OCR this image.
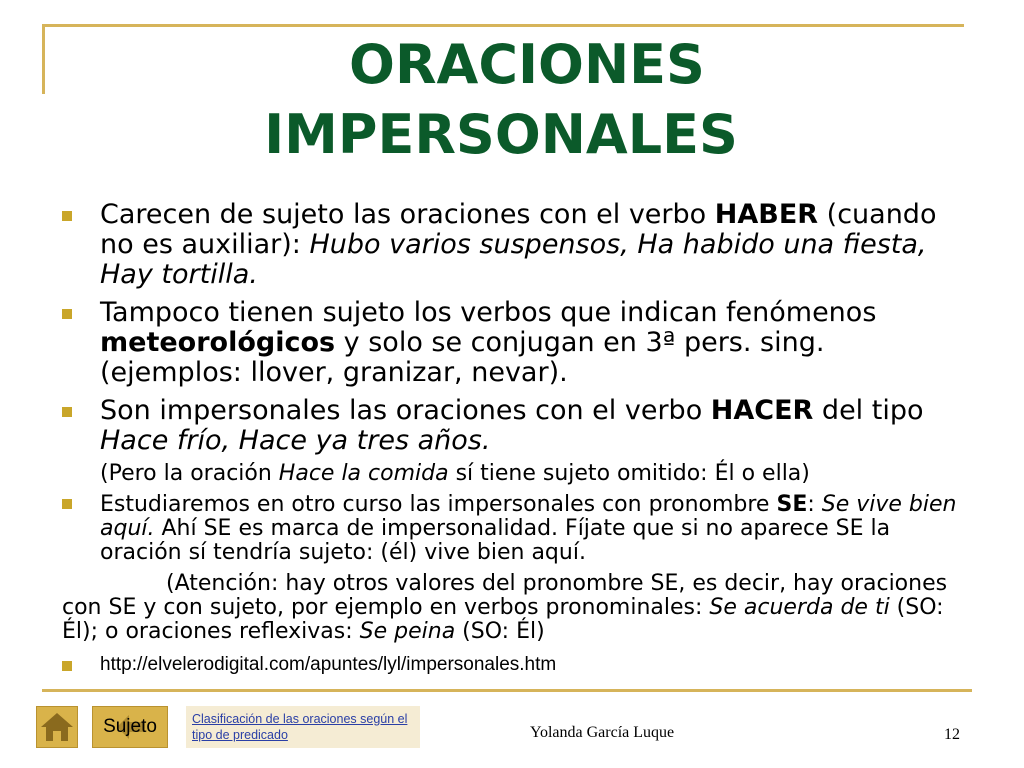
ORACIONES
IMPERSONALES

Carecen de sujeto las oraciones con el verbo HABER (cuando no es auxiliar): Hubo varios suspensos, Ha habido una fiesta, Hay tortilla.

Tampoco tienen sujeto los verbos que indican fenómenos meteorológicos y solo se conjugan en 3ª pers. sing. (ejemplos: llover, granizar, nevar).

Son impersonales las oraciones con el verbo HACER del tipo Hace frío, Hace ya tres años.

(Pero la oración Hace la comida sí tiene sujeto omitido: Él o ella)

Estudiaremos en otro curso las impersonales con pronombre SE: Se vive bien aquí. Ahí SE es marca de impersonalidad. Fíjate que si no aparece SE la oración sí tendría sujeto: (él) vive bien aquí.

(Atención: hay otros valores del pronombre SE, es decir, hay oraciones con SE y con sujeto, por ejemplo en verbos pronominales: Se acuerda de ti (SO: Él); o oraciones reflexivas: Se peina (SO: Él)

http://elvelerodigital.com/apuntes/lyl/impersonales.htm

Sujeto	Clasificación de las oraciones según el tipo de predicado	Yolanda García Luque	12
